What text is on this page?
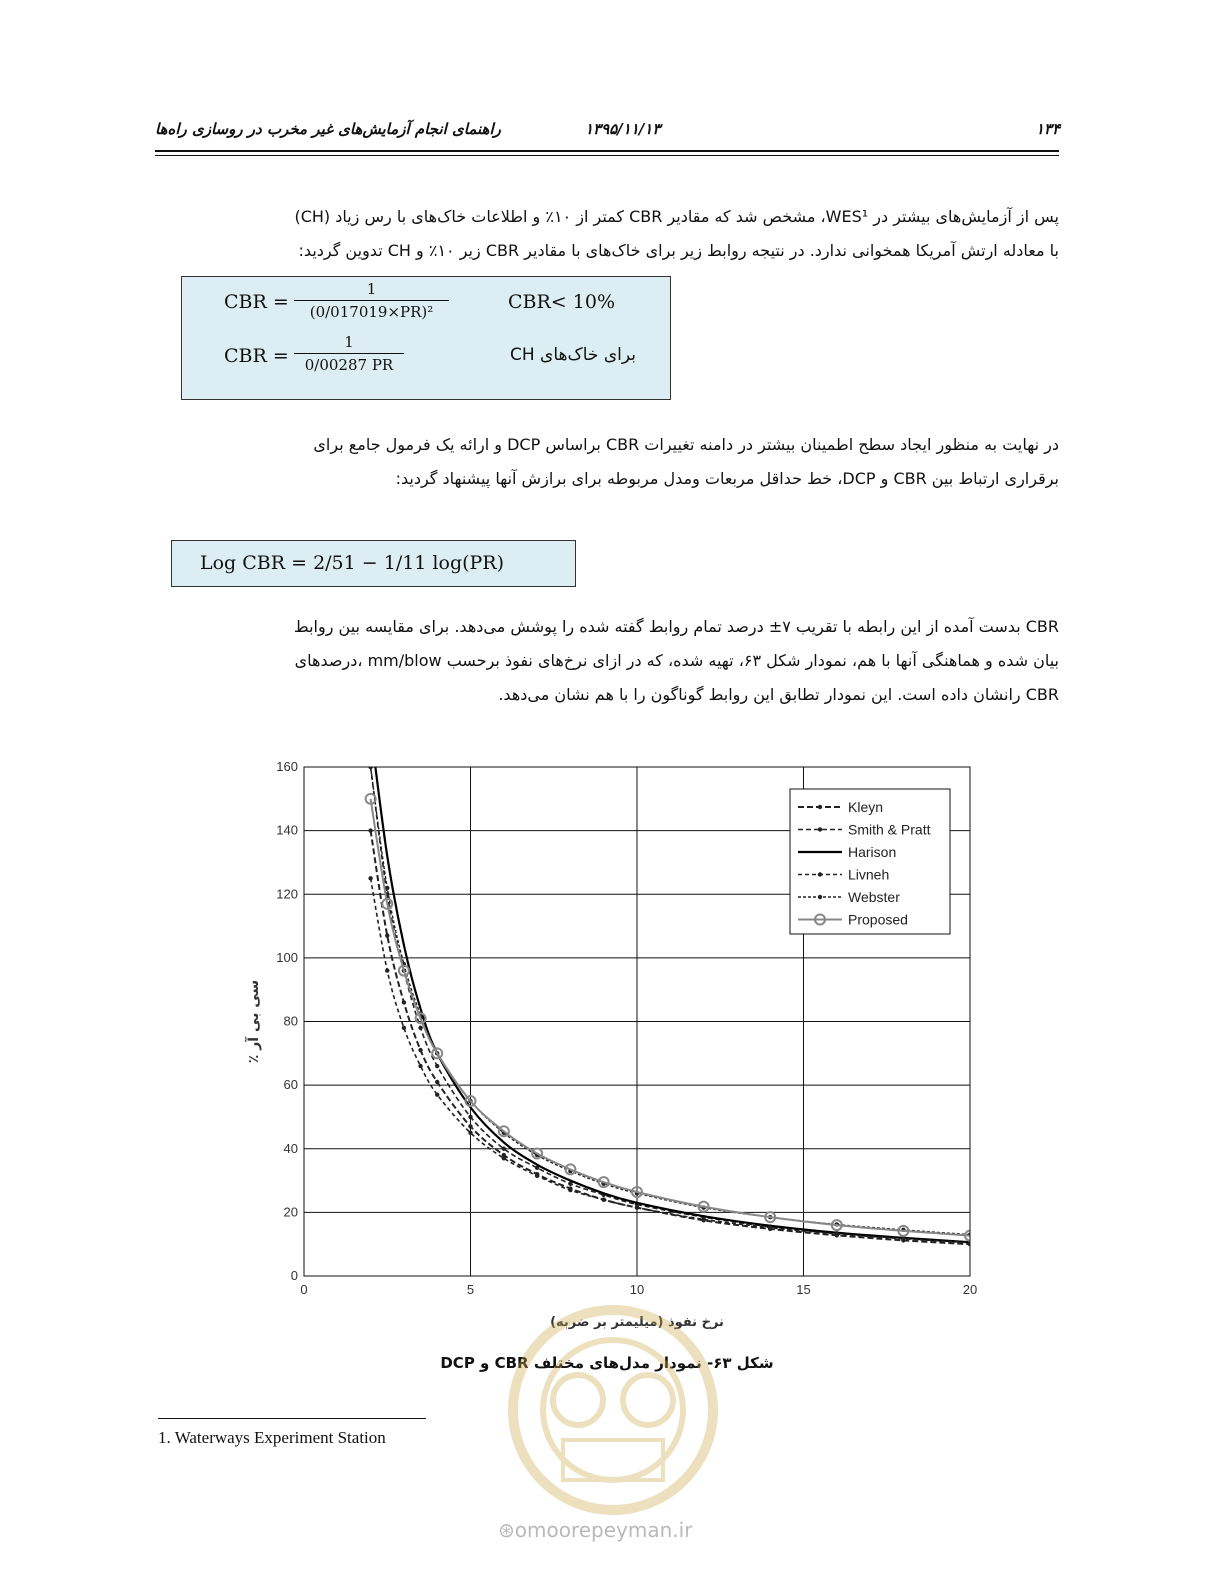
۱۳۴
۱۳۹۵/۱۱/۱۳
راهنمای انجام آزمایش‌های غیر مخرب در روسازی راه‌ها
پس از آزمایش‌های بیشتر در WES¹، مشخص شد که مقادیر CBR کمتر از ۱۰٪ و اطلاعات خاک‌های با رس زیاد (CH)
با معادله ارتش آمریکا همخوانی ندارد. در نتیجه روابط زیر برای خاک‌های با مقادیر CBR زیر ۱۰٪ و CH تدوین گردید:
CBR =
1
(0/017019×PR)²	CBR< 10%
CBR =
1
0/00287 PR	برای خاک‌های CH
در نهایت به منظور ایجاد سطح اطمینان بیشتر در دامنه تغییرات CBR براساس DCP و ارائه یک فرمول جامع برای
برقراری ارتباط بین CBR و DCP، خط حداقل مربعات ومدل مربوطه برای برازش آنها پیشنهاد گردید:
Log CBR = 2/51 − 1/11 log(PR)
CBR بدست آمده از این رابطه با تقریب ۷± درصد تمام روابط گفته شده را پوشش می‌دهد. برای مقایسه بین روابط
بیان شده و هماهنگی آنها با هم، نمودار شکل ۶۳، تهیه شده، که در ازای نرخ‌های نفوذ برحسب mm/blow ،درصدهای
CBR رانشان داده است. این نمودار تطابق این روابط گوناگون را با هم نشان می‌دهد.
0	5	10	15	20
0
20
40
60
80
100
120
140
160
Kleyn
Smith & Pratt
Harison
Livneh
Webster
Proposed
نرخ نفوذ (میلیمتر بر ضربه)
سی بی آر ٪
شکل ۶۳- نمودار مدل‌های مختلف CBR و DCP
1. Waterways Experiment Station
⊛omoorepeyman.ir
